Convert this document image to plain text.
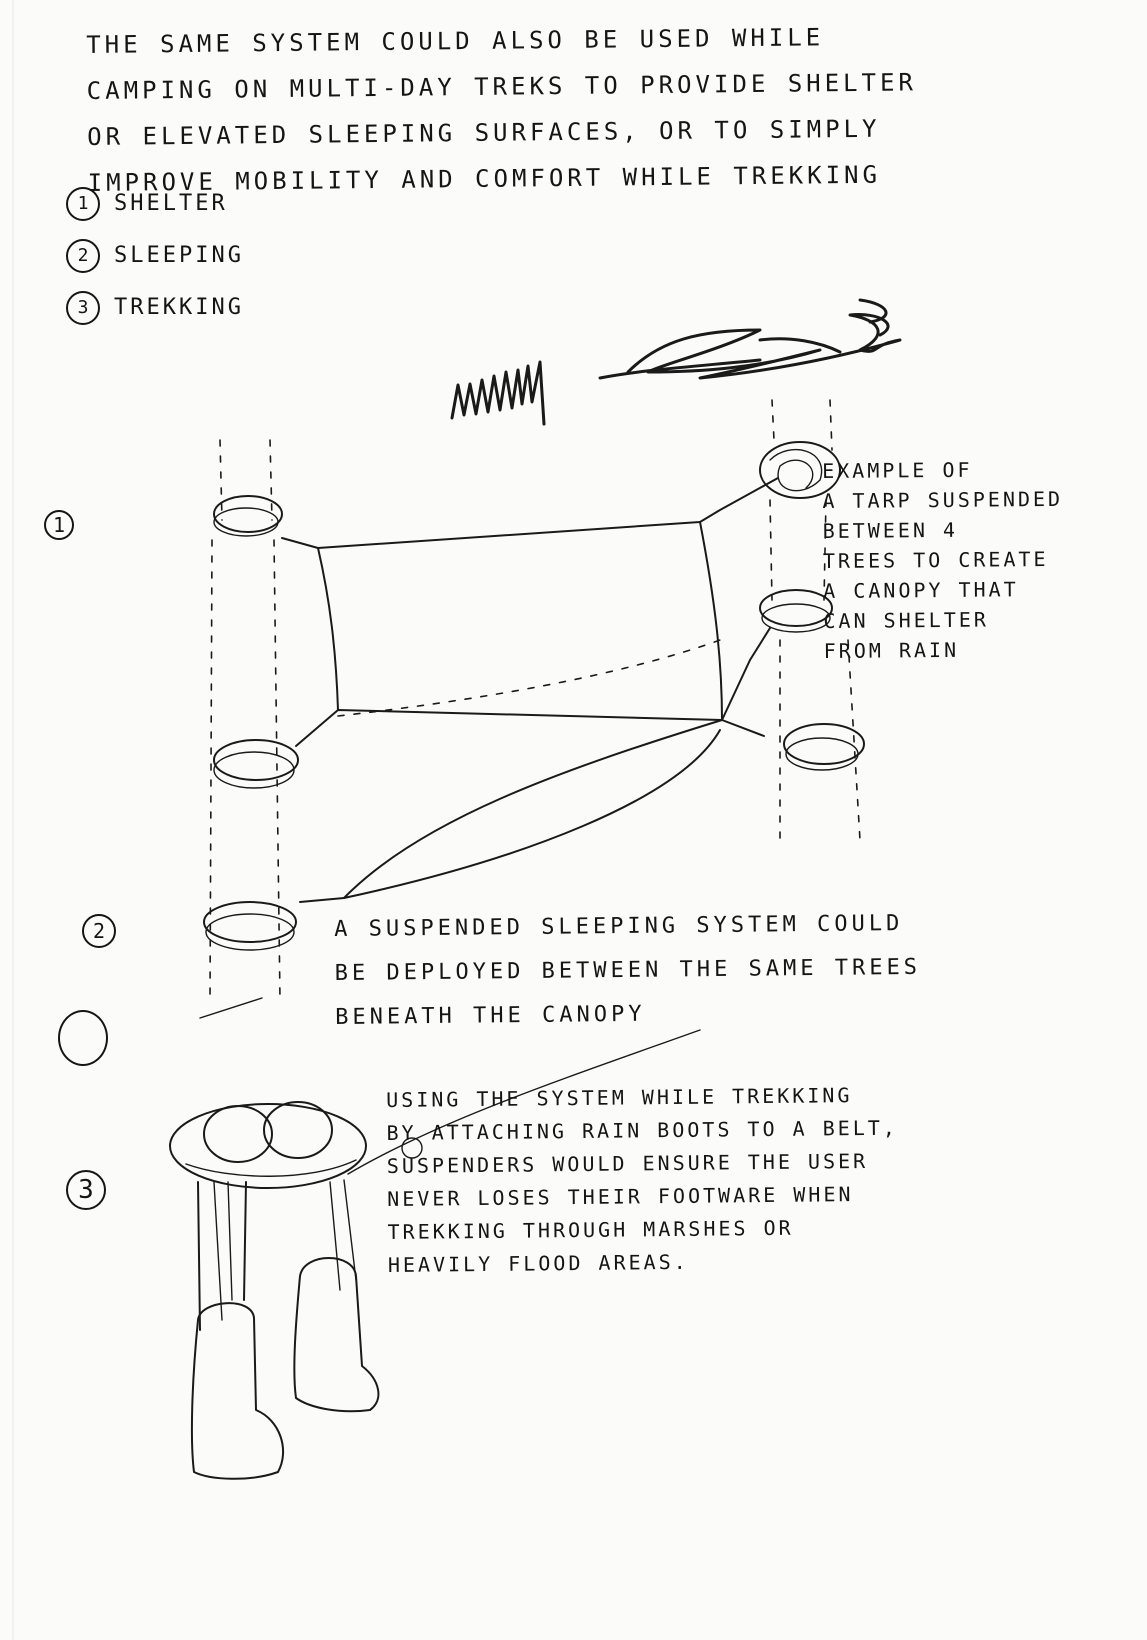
THE SAME SYSTEM COULD ALSO BE USED WHILE
CAMPING ON MULTI-DAY TREKS TO PROVIDE SHELTER
OR ELEVATED SLEEPING SURFACES, OR TO SIMPLY
IMPROVE MOBILITY AND COMFORT WHILE TREKKING
1	SHELTER
2	SLEEPING
3	TREKKING
1
2
3
EXAMPLE OF
A TARP SUSPENDED
BETWEEN 4
TREES TO CREATE
A CANOPY THAT
CAN SHELTER
FROM RAIN
A SUSPENDED SLEEPING SYSTEM COULD
BE DEPLOYED BETWEEN THE SAME TREES
BENEATH THE CANOPY
USING THE SYSTEM WHILE TREKKING
BY ATTACHING RAIN BOOTS TO A BELT,
SUSPENDERS WOULD ENSURE THE USER
NEVER LOSES THEIR FOOTWARE WHEN
TREKKING THROUGH MARSHES OR
HEAVILY FLOOD AREAS.
